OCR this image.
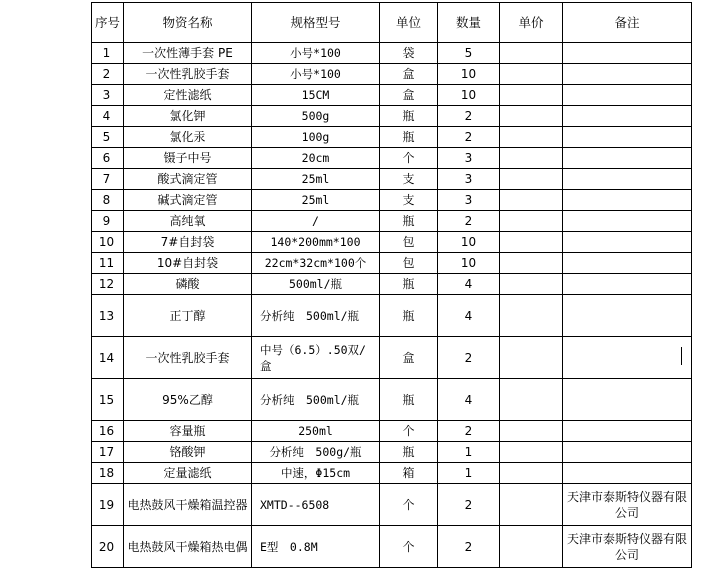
序号	物资名称	规格型号	单位	数量	单价	备注
1	一次性薄手套 PE	小号*100	袋	5		
2	一次性乳胶手套	小号*100	盒	10		
3	定性滤纸	15CM	盒	10		
4	氯化钾	500g	瓶	2		
5	氯化汞	100g	瓶	2		
6	镊子中号	20cm	个	3		
7	酸式滴定管	25ml	支	3		
8	碱式滴定管	25ml	支	3		
9	高纯氧	/	瓶	2		
10	7#自封袋	140*200mm*100	包	10		
11	10#自封袋	22cm*32cm*100个	包	10		
12	磷酸	500ml/瓶	瓶	4		
13	正丁醇	分析纯　500ml/瓶	瓶	4		
14	一次性乳胶手套	中号（6.5）.50双/盒	盒	2		
15	95%乙醇	分析纯　500ml/瓶	瓶	4		
16	容量瓶	250ml	个	2		
17	铬酸钾	分析纯　500g/瓶	瓶	1		
18	定量滤纸	中速，Φ15cm	箱	1		
19	电热鼓风干燥箱温控器	XMTD--6508	个	2		天津市泰斯特仪器有限公司
20	电热鼓风干燥箱热电偶	E型　0.8M	个	2		天津市泰斯特仪器有限公司
